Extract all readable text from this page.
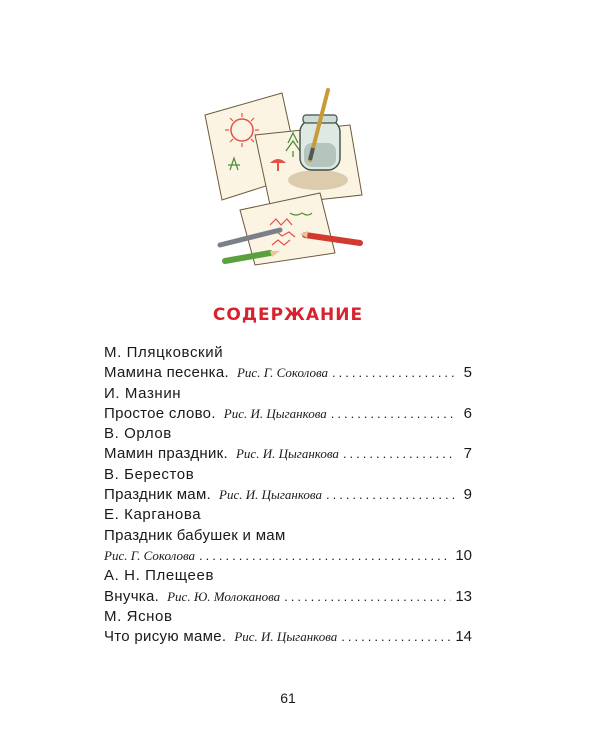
СОДЕРЖАНИЕ
М. Пляцковский
Мамина песенка. Рис. Г. Соколова .....	5
И. Мазнин
Простое слово. Рис. И. Цыганкова .....	6
В. Орлов
Мамин праздник. Рис. И. Цыганкова .....	7
В. Берестов
Праздник мам. Рис. И. Цыганкова .....	9
Е. Карганова
Праздник бабушек и мам
Рис. Г. Соколова .....	10
А. Н. Плещеев
Внучка. Рис. Ю. Молоканова .....	13
М. Яснов
Что рисую маме. Рис. И. Цыганкова .....	14
61
